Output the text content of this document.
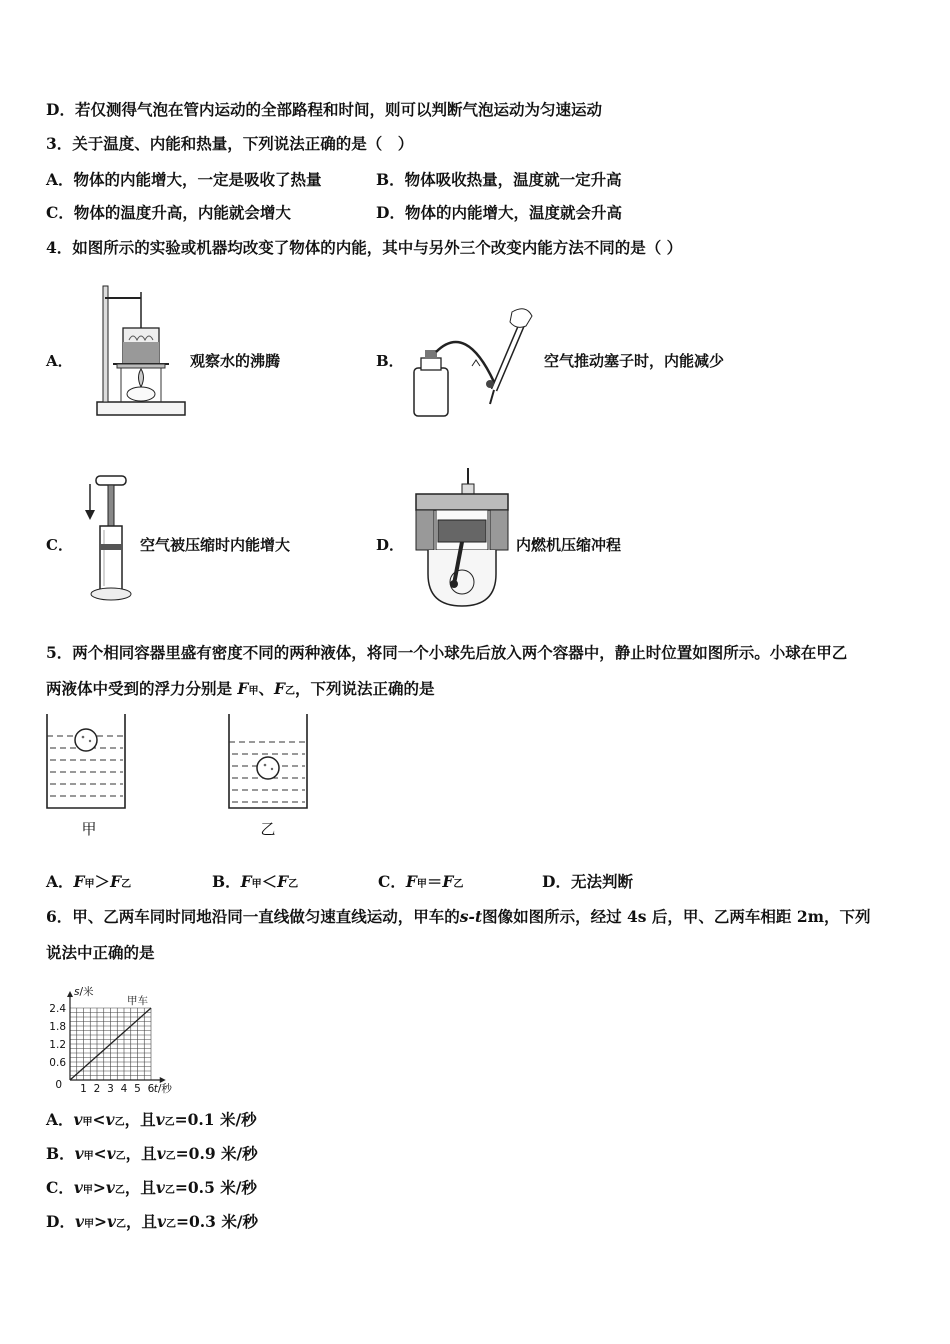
D．若仅测得气泡在管内运动的全部路程和时间，则可以判断气泡运动为匀速运动
3．关于温度、内能和热量，下列说法正确的是（　）
A．物体的内能增大，一定是吸收了热量	B．物体吸收热量，温度就一定升高
C．物体的温度升高，内能就会增大	D．物体的内能增大，温度就会升高
4．如图所示的实验或机器均改变了物体的内能，其中与另外三个改变内能方法不同的是（ ）
A．	观察水的沸腾	B．	空气推动塞子时，内能减少
C．	空气被压缩时内能增大	D．	内燃机压缩冲程
5．两个相同容器里盛有密度不同的两种液体，将同一个小球先后放入两个容器中，静止时位置如图所示。小球在甲乙
两液体中受到的浮力分别是 F甲、F乙，下列说法正确的是
甲	乙
A．F甲＞F乙	B．F甲＜F乙	C．F甲＝F乙	D．无法判断
6．甲、乙两车同时同地沿同一直线做匀速直线运动，甲车的s-t图像如图所示，经过 4s 后，甲、乙两车相距 2m，下列
说法中正确的是
1 2 3 4 5 6
0.6
1.2
1.8
2.4
0
甲车
s/米
t/秒
A．v甲<v乙，且v乙=0.1 米/秒
B．v甲<v乙，且v乙=0.9 米/秒
C．v甲>v乙，且v乙=0.5 米/秒
D．v甲>v乙，且v乙=0.3 米/秒
